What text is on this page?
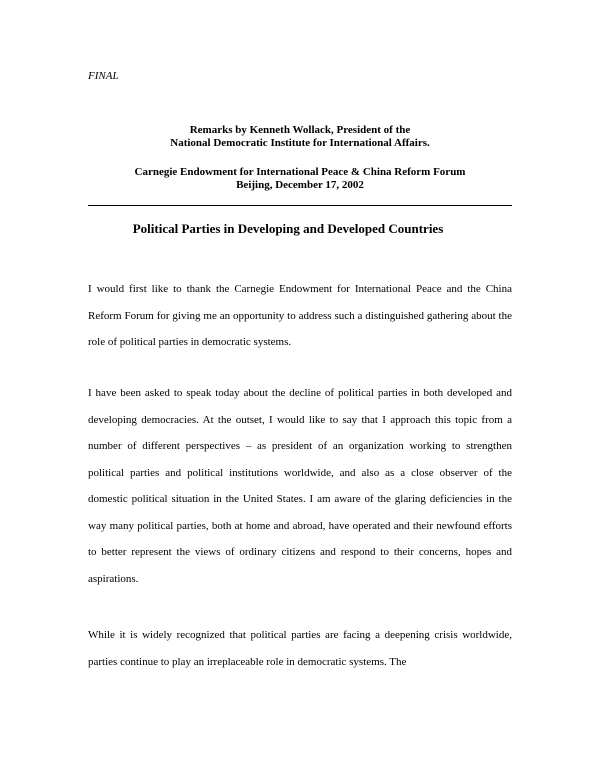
FINAL
Remarks by Kenneth Wollack, President of the
National Democratic Institute for International Affairs.
Carnegie Endowment for International Peace & China Reform Forum
Beijing, December 17, 2002
Political Parties in Developing and Developed Countries

I would first like to thank the Carnegie Endowment for International Peace and the China Reform Forum for giving me an opportunity to address such a distinguished gathering about the role of political parties in democratic systems.

I have been asked to speak today about the decline of political parties in both developed and developing democracies. At the outset, I would like to say that I approach this topic from a number of different perspectives – as president of an organization working to strengthen political parties and political institutions worldwide, and also as a close observer of the domestic political situation in the United States. I am aware of the glaring deficiencies in the way many political parties, both at home and abroad, have operated and their newfound efforts to better represent the views of ordinary citizens and respond to their concerns, hopes and aspirations.

While it is widely recognized that political parties are facing a deepening crisis worldwide, parties continue to play an irreplaceable role in democratic systems. The
